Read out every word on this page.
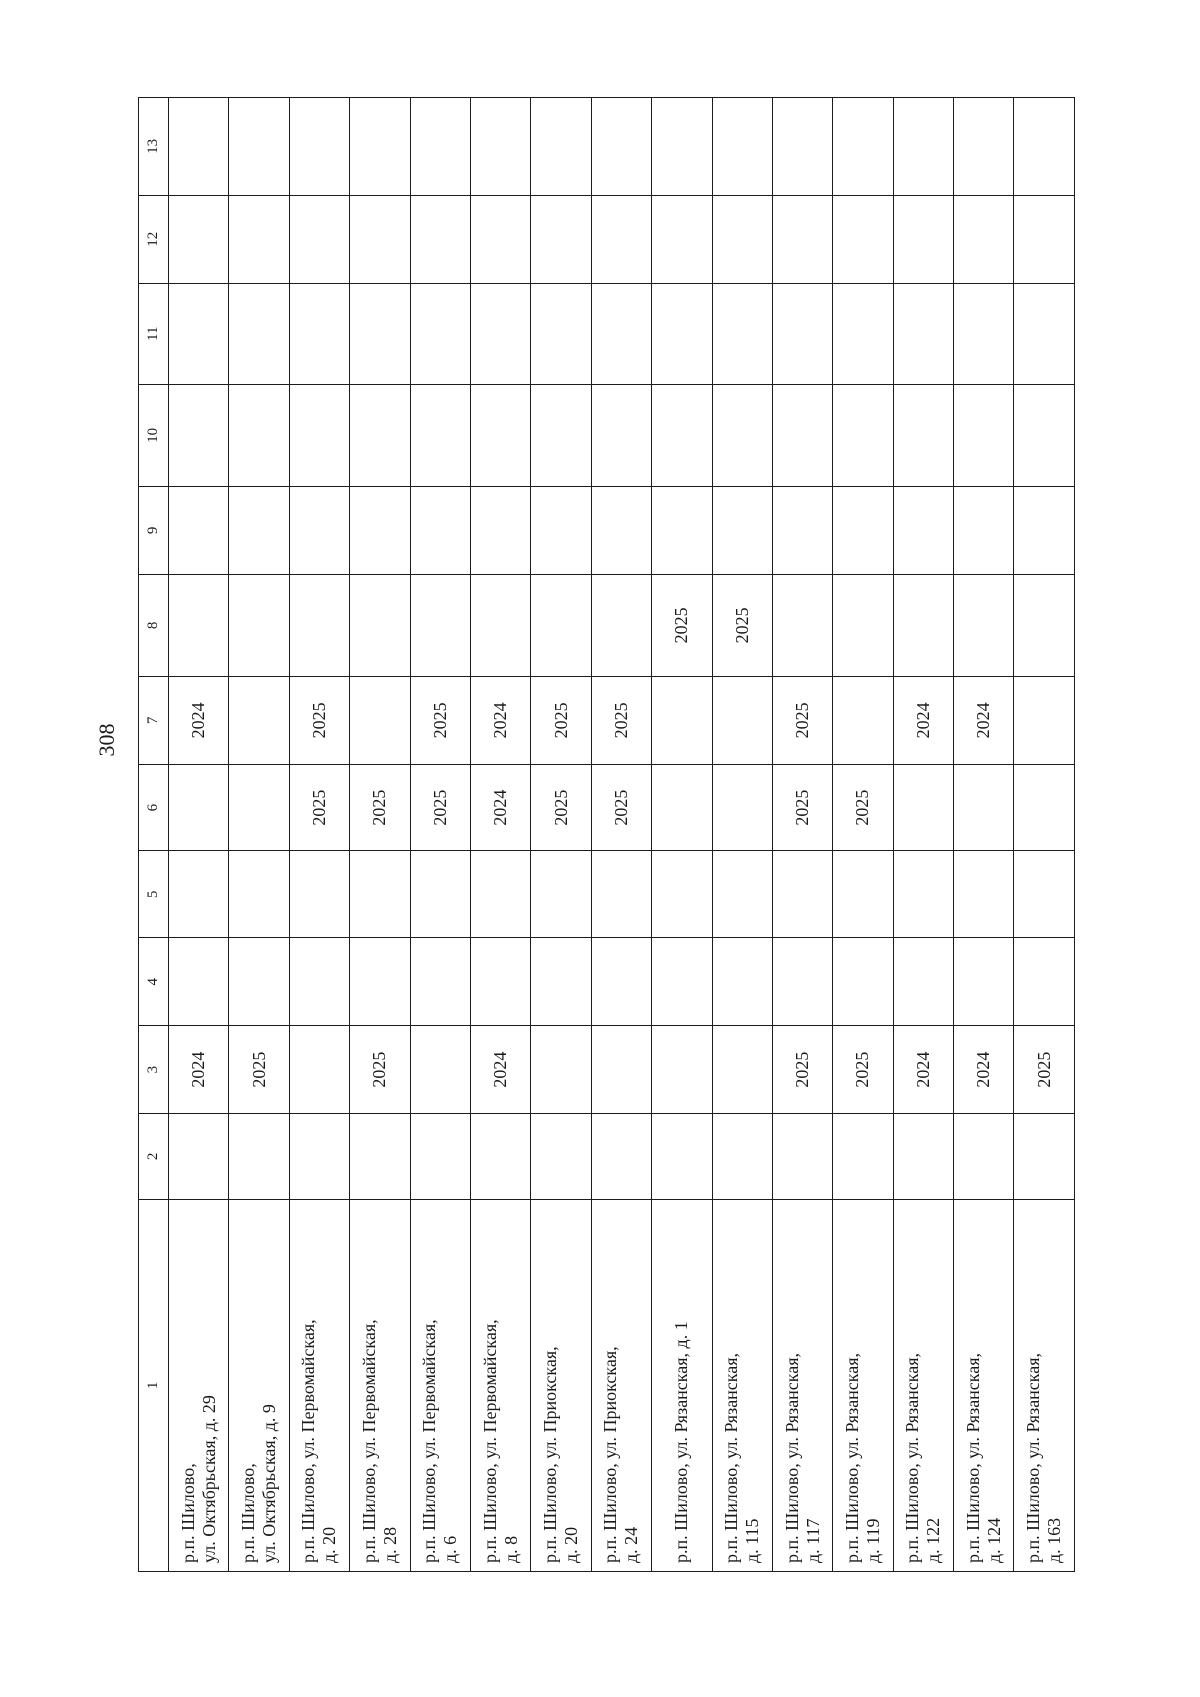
308
1	2	3	4	5	6	7	8	9	10	11	12	13

р.п. Шилово, ул. Октябрьская, д. 29		2024				2024						

р.п. Шилово, ул. Октябрьская, д. 9		2025										

р.п. Шилово, ул. Первомайская, д. 20					2025	2025						

р.п. Шилово, ул. Первомайская, д. 28		2025			2025							

р.п. Шилово, ул. Первомайская, д. 6					2025	2025						

р.п. Шилово, ул. Первомайская, д. 8		2024			2024	2024						

р.п. Шилово, ул. Приокская, д. 20					2025	2025						

р.п. Шилово, ул. Приокская, д. 24					2025	2025						

р.п. Шилово, ул. Рязанская, д. 1							2025					

р.п. Шилово, ул. Рязанская, д. 115							2025					

р.п. Шилово, ул. Рязанская, д. 117		2025			2025	2025						

р.п. Шилово, ул. Рязанская, д. 119		2025			2025							

р.п. Шилово, ул. Рязанская, д. 122		2024				2024						

р.п. Шилово, ул. Рязанская, д. 124		2024				2024						

р.п. Шилово, ул. Рязанская, д. 163		2025										
